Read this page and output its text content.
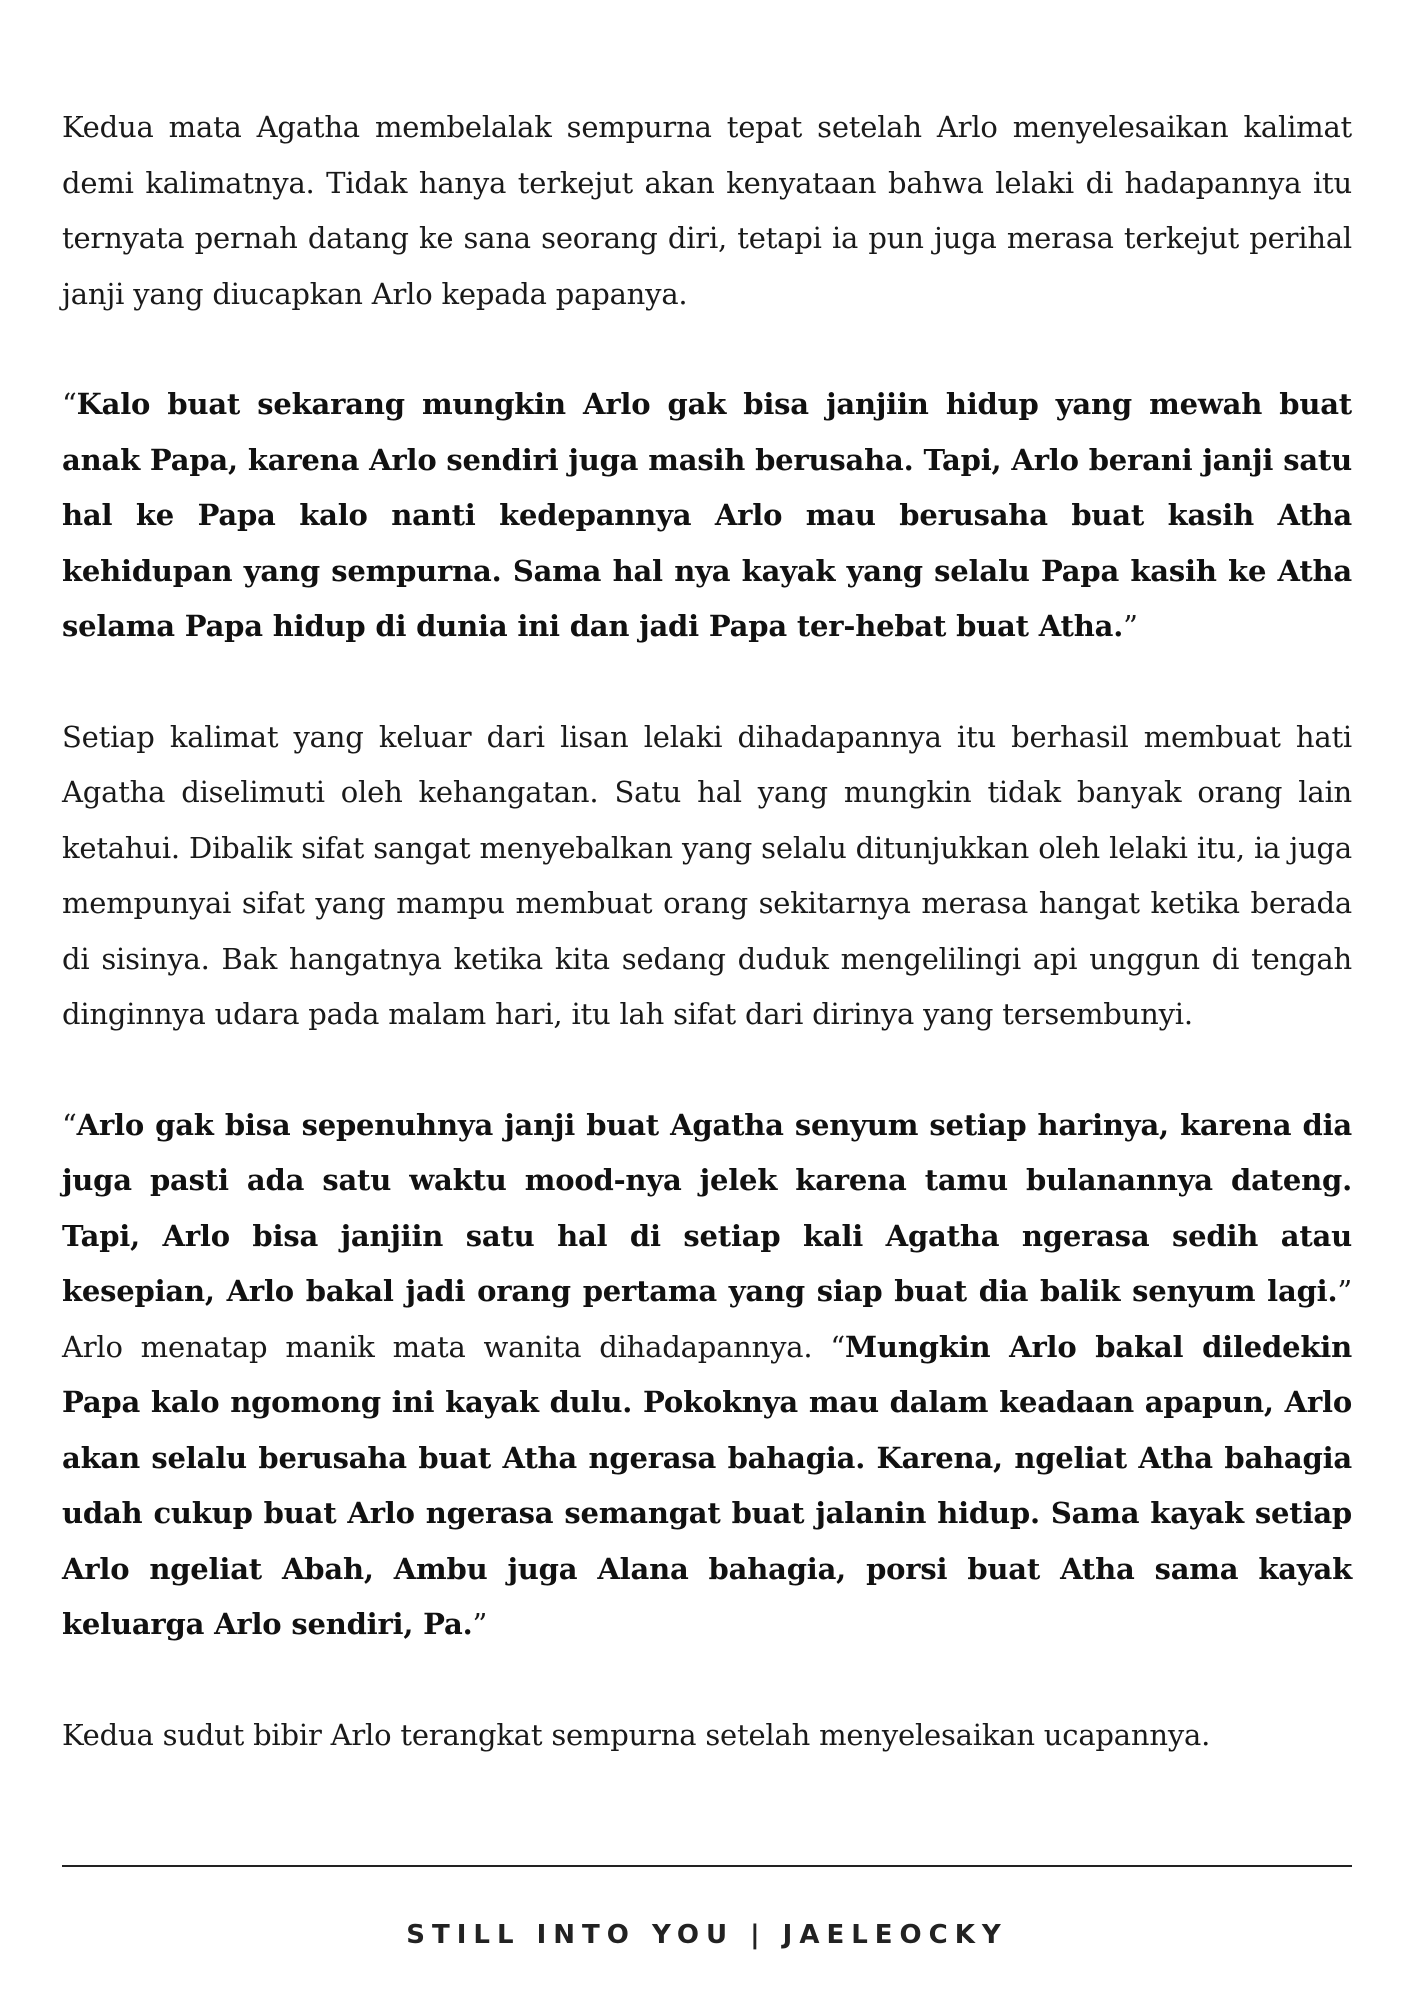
Kedua mata Agatha membelalak sempurna tepat setelah Arlo menyelesaikan kalimat demi kalimatnya. Tidak hanya terkejut akan kenyataan bahwa lelaki di hadapannya itu ternyata pernah datang ke sana seorang diri, tetapi ia pun juga merasa terkejut perihal janji yang diucapkan Arlo kepada papanya.

“Kalo buat sekarang mungkin Arlo gak bisa janjiin hidup yang mewah buat anak Papa, karena Arlo sendiri juga masih berusaha. Tapi, Arlo berani janji satu hal ke Papa kalo nanti kedepannya Arlo mau berusaha buat kasih Atha kehidupan yang sempurna. Sama hal nya kayak yang selalu Papa kasih ke Atha selama Papa hidup di dunia ini dan jadi Papa ter-hebat buat Atha.”

Setiap kalimat yang keluar dari lisan lelaki dihadapannya itu berhasil membuat hati Agatha diselimuti oleh kehangatan. Satu hal yang mungkin tidak banyak orang lain ketahui. Dibalik sifat sangat menyebalkan yang selalu ditunjukkan oleh lelaki itu, ia juga mempunyai sifat yang mampu membuat orang sekitarnya merasa hangat ketika berada di sisinya. Bak hangatnya ketika kita sedang duduk mengelilingi api unggun di tengah dinginnya udara pada malam hari, itu lah sifat dari dirinya yang tersembunyi.

“Arlo gak bisa sepenuhnya janji buat Agatha senyum setiap harinya, karena dia juga pasti ada satu waktu mood-nya jelek karena tamu bulanannya dateng. Tapi, Arlo bisa janjiin satu hal di setiap kali Agatha ngerasa sedih atau kesepian, Arlo bakal jadi orang pertama yang siap buat dia balik senyum lagi.” Arlo menatap manik mata wanita dihadapannya. “Mungkin Arlo bakal diledekin Papa kalo ngomong ini kayak dulu. Pokoknya mau dalam keadaan apapun, Arlo akan selalu berusaha buat Atha ngerasa bahagia. Karena, ngeliat Atha bahagia udah cukup buat Arlo ngerasa semangat buat jalanin hidup. Sama kayak setiap Arlo ngeliat Abah, Ambu juga Alana bahagia, porsi buat Atha sama kayak keluarga Arlo sendiri, Pa.”

Kedua sudut bibir Arlo terangkat sempurna setelah menyelesaikan ucapannya.

STILL INTO YOU | JAELEOCKY
